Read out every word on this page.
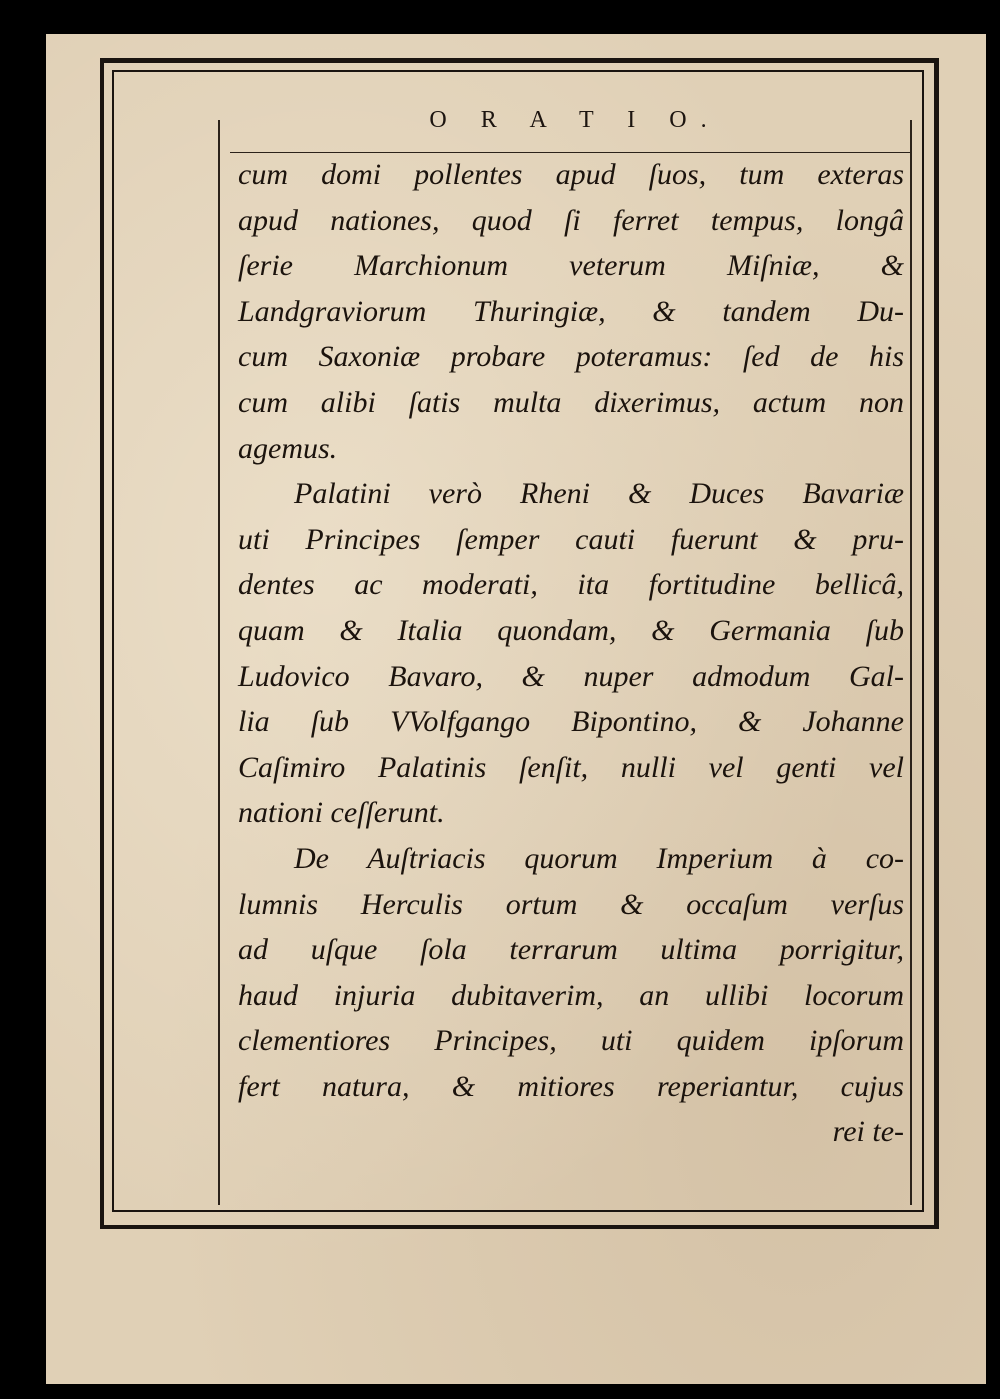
O R A T I O.
cum domi pollentes apud ſuos, tum exteras
apud nationes, quod ſi ferret tempus, longâ
ſerie Marchionum veterum Miſniæ, &
Landgraviorum Thuringiæ, & tandem Du-
cum Saxoniæ probare poteramus: ſed de his
cum alibi ſatis multa dixerimus, actum non
agemus.
Palatini verò Rheni & Duces Bavariæ
uti Principes ſemper cauti fuerunt & pru-
dentes ac moderati, ita fortitudine bellicâ,
quam & Italia quondam, & Germania ſub
Ludovico Bavaro, & nuper admodum Gal-
lia ſub VVolfgango Bipontino, & Johanne
Caſimiro Palatinis ſenſit, nulli vel genti vel
nationi ceſſerunt.
De Auſtriacis quorum Imperium à co-
lumnis Herculis ortum & occaſum verſus
ad uſque ſola terrarum ultima porrigitur,
haud injuria dubitaverim, an ullibi locorum
clementiores Principes, uti quidem ipſorum
fert natura, & mitiores reperiantur, cujus
rei te-
